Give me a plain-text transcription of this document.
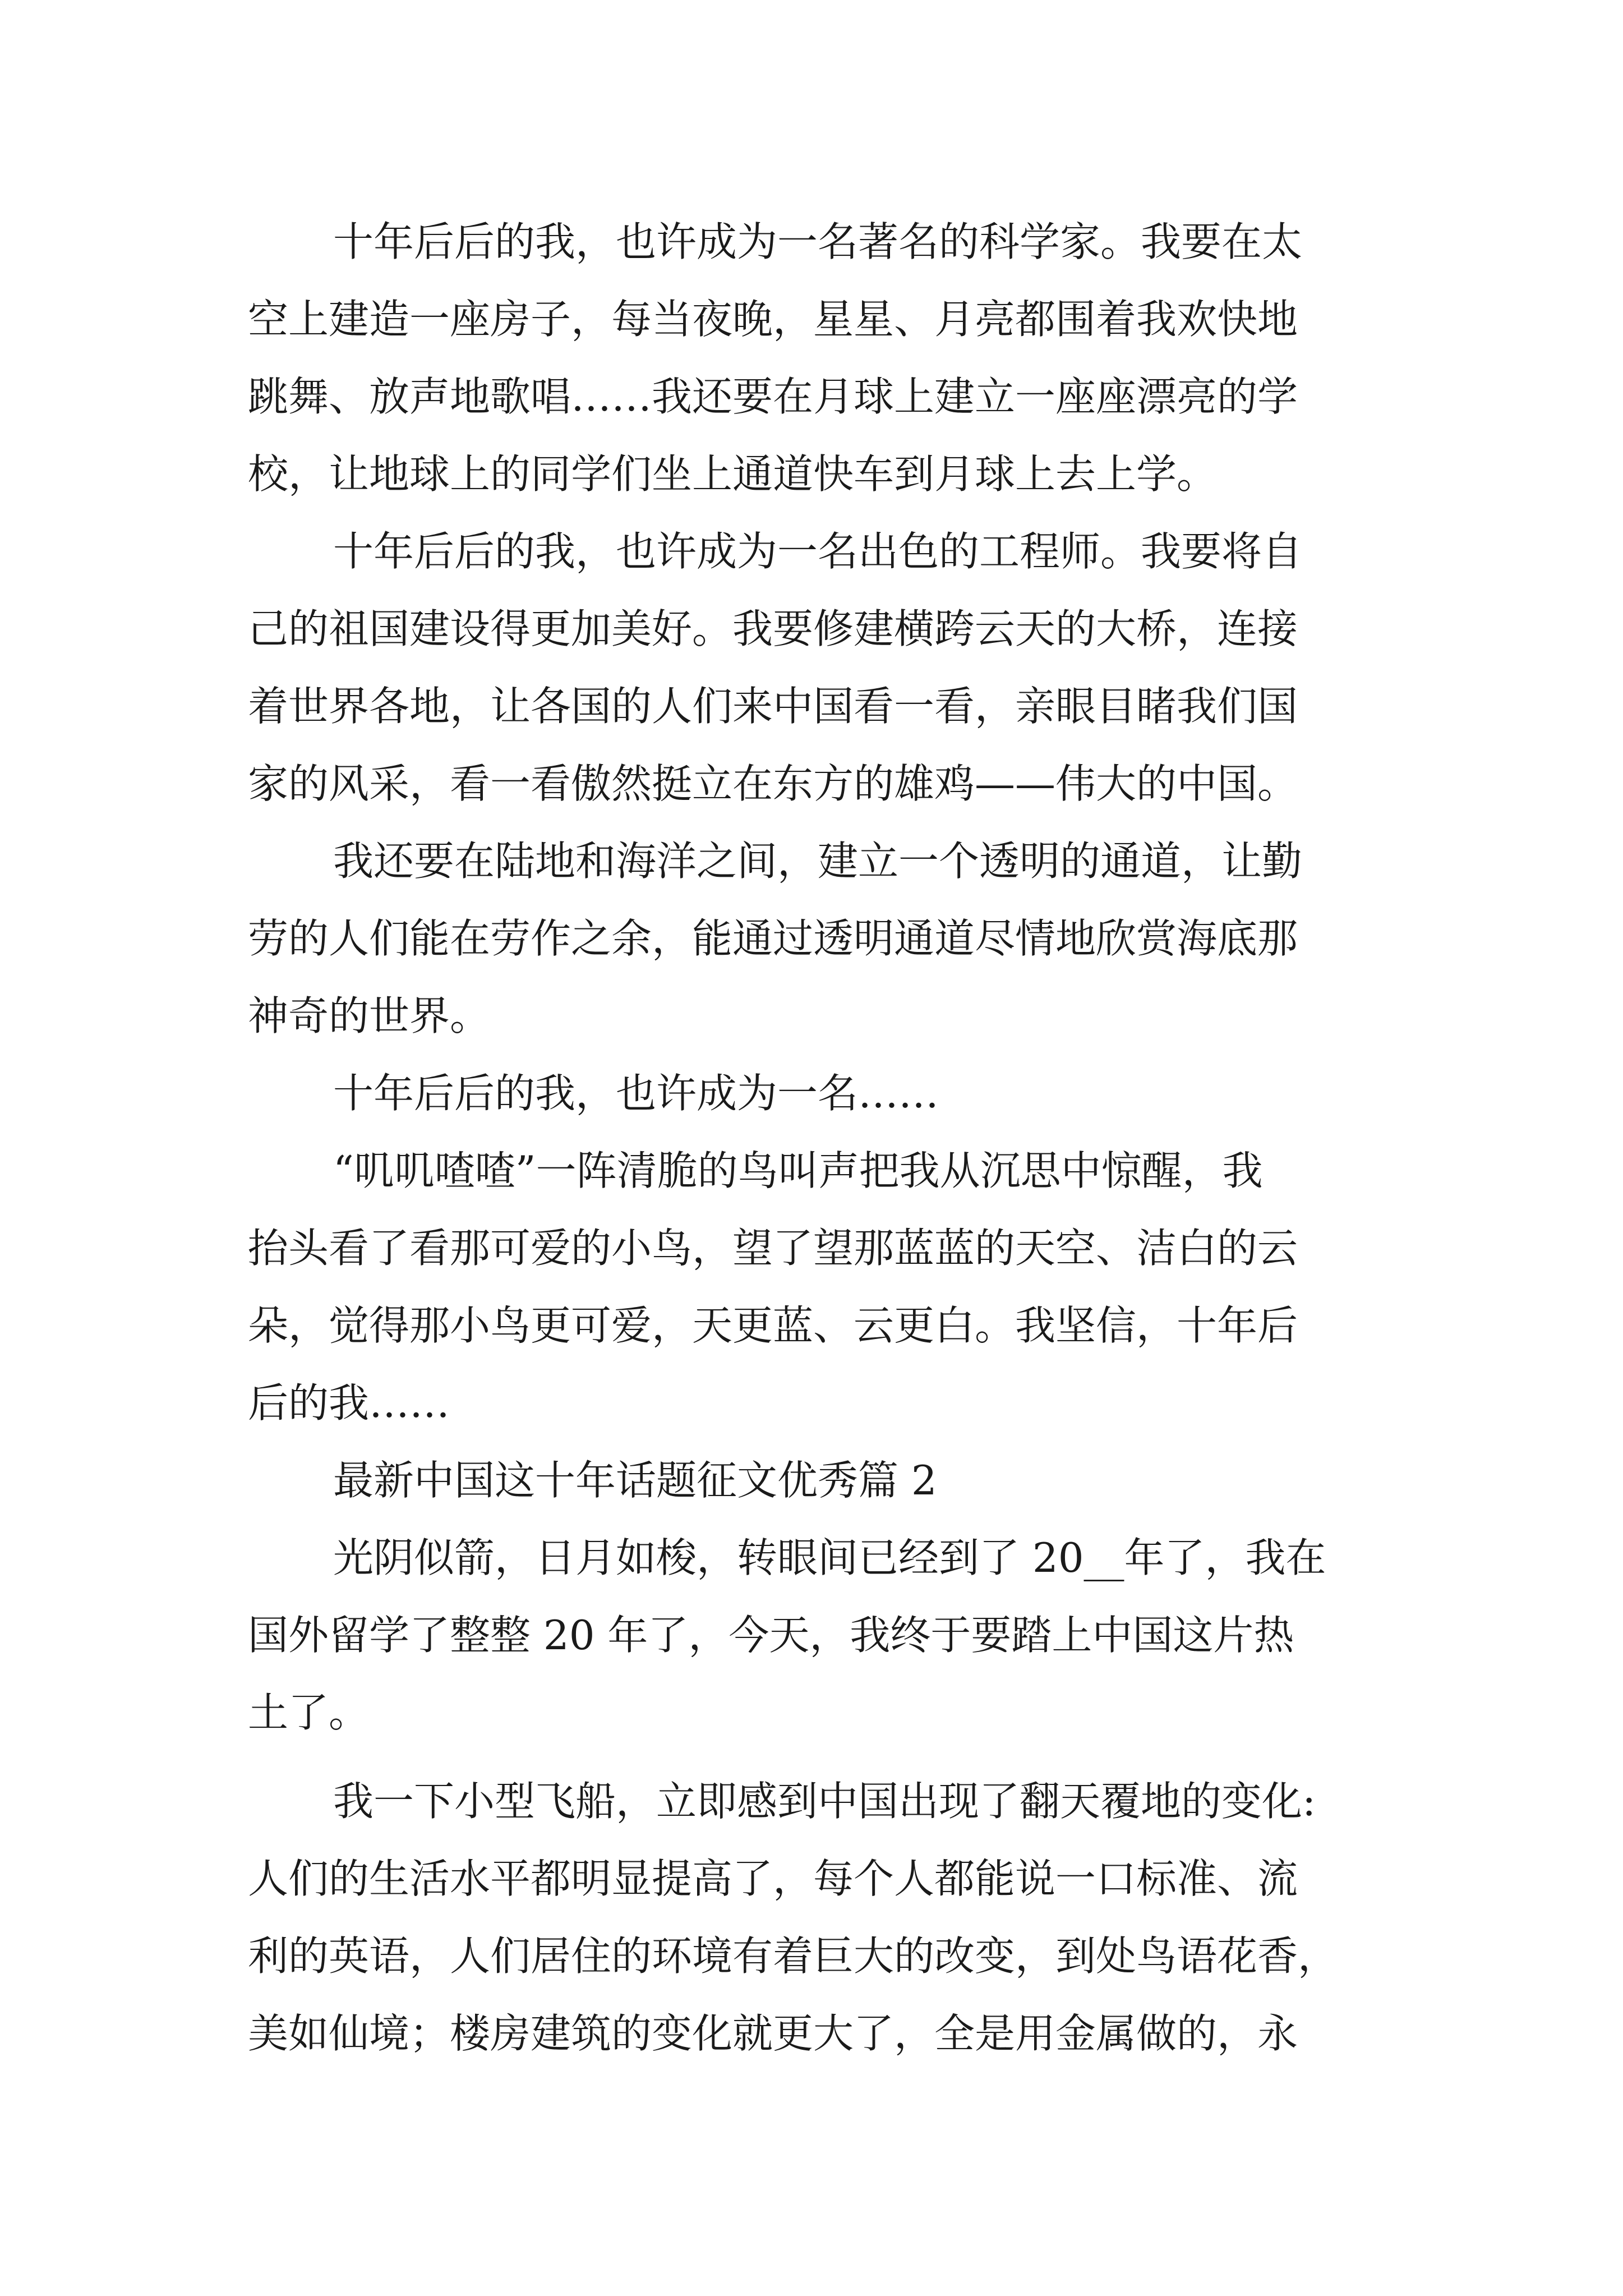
十年后后的我，也许成为一名著名的科学家。我要在太
空上建造一座房子，每当夜晚，星星、月亮都围着我欢快地
跳舞、放声地歌唱……我还要在月球上建立一座座漂亮的学
校，让地球上的同学们坐上通道快车到月球上去上学。
十年后后的我，也许成为一名出色的工程师。我要将自
己的祖国建设得更加美好。我要修建横跨云天的大桥，连接
着世界各地，让各国的人们来中国看一看，亲眼目睹我们国
家的风采，看一看傲然挺立在东方的雄鸡——伟大的中国。
我还要在陆地和海洋之间，建立一个透明的通道，让勤
劳的人们能在劳作之余，能通过透明通道尽情地欣赏海底那
神奇的世界。
十年后后的我，也许成为一名……
“叽叽喳喳”一阵清脆的鸟叫声把我从沉思中惊醒，我
抬头看了看那可爱的小鸟，望了望那蓝蓝的天空、洁白的云
朵，觉得那小鸟更可爱，天更蓝、云更白。我坚信，十年后
后的我……
最新中国这十年话题征文优秀篇 2
光阴似箭，日月如梭，转眼间已经到了 20__年了，我在
国外留学了整整 20 年了，今天，我终于要踏上中国这片热
土了。
我一下小型飞船，立即感到中国出现了翻天覆地的变化:
人们的生活水平都明显提高了，每个人都能说一口标准、流
利的英语，人们居住的环境有着巨大的改变，到处鸟语花香，
美如仙境；楼房建筑的变化就更大了，全是用金属做的，永
